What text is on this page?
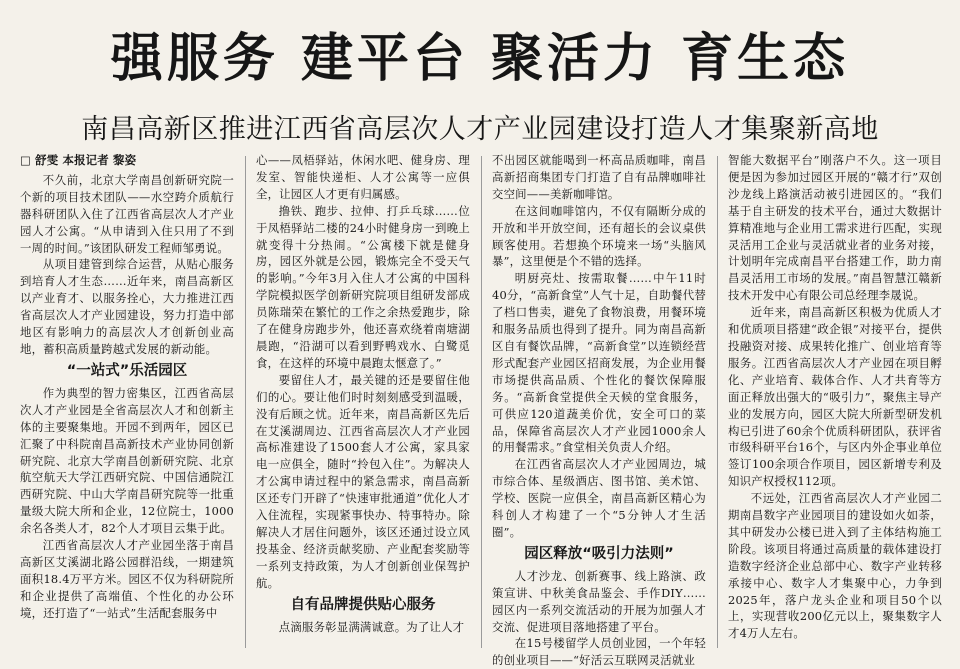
强服务 建平台 聚活力 育生态
南昌高新区推进江西省高层次人才产业园建设打造人才集聚新高地
□ 舒雯 本报记者 黎姿

不久前，北京大学南昌创新研究院一个新的项目技术团队——水空跨介质航行器科研团队入住了江西省高层次人才产业园人才公寓。“从申请到入住只用了不到一周的时间。”该团队研发工程师邹勇说。

从项目建管到综合运营，从贴心服务到培育人才生态……近年来，南昌高新区以产业育才、以服务拴心，大力推进江西省高层次人才产业园建设，努力打造中部地区有影响力的高层次人才创新创业高地，蓄积高质量跨越式发展的新动能。

“一站式”乐活园区

作为典型的智力密集区，江西省高层次人才产业园是全省高层次人才和创新主体的主要聚集地。开园不到两年，园区已汇聚了中科院南昌高新技术产业协同创新研究院、北京大学南昌创新研究院、北京航空航天大学江西研究院、中国信通院江西研究院、中山大学南昌研究院等一批重量级大院大所和企业，12位院士，1000余名各类人才，82个人才项目云集于此。

江西省高层次人才产业园坐落于南昌高新区艾溪湖北路公园群沿线，一期建筑面积18.4万平方米。园区不仅为科研院所和企业提供了高端值、个性化的办公环境，还打造了“一站式”生活配套服务中

心——凤梧驿站，休闲水吧、健身房、理发室、智能快递柜、人才公寓等一应俱全，让园区人才更有归属感。

撸铁、跑步、拉伸、打乒乓球……位于凤梧驿站二楼的24小时健身房一到晚上就变得十分热闹。“公寓楼下就是健身房，园区外就是公园，锻炼完全不受天气的影响。”今年3月入住人才公寓的中国科学院模拟医学创新研究院项目组研发部成员陈瑞荣在繁忙的工作之余热爱跑步，除了在健身房跑步外，他还喜欢绕着南塘湖晨跑，“沿湖可以看到野鸭戏水、白鹭觅食，在这样的环境中晨跑太惬意了。”

要留住人才，最关键的还是要留住他们的心。要让他们时时刻刻感受到温暖，没有后顾之忧。近年来，南昌高新区先后在艾溪湖周边、江西省高层次人才产业园高标准建设了1500套人才公寓，家具家电一应俱全，随时“拎包入住”。为解决人才公寓申请过程中的紧急需求，南昌高新区还专门开辟了“快速审批通道”优化人才入住流程，实现紧事快办、特事特办。除解决人才居住问题外，该区还通过设立风投基金、经济贡献奖励、产业配套奖励等一系列支持政策，为人才创新创业保驾护航。

自有品牌提供贴心服务

点滴服务彰显满满诚意。为了让人才

不出园区就能喝到一杯高品质咖啡，南昌高新招商集团专门打造了自有品牌咖啡社交空间——美新咖啡馆。

在这间咖啡馆内，不仅有隔断分成的开放和半开放空间，还有超长的会议桌供顾客使用。若想换个环境来一场“头脑风暴”，这里便是个不错的选择。

明厨亮灶、按需取餐……中午11时40分，“高新食堂”人气十足，自助餐代替了档口售卖，避免了食物浪费，用餐环境和服务品质也得到了提升。同为南昌高新区自有餐饮品牌，“高新食堂”以连锁经营形式配套产业园区招商发展，为企业用餐市场提供高品质、个性化的餐饮保障服务。“高新食堂提供全天候的堂食服务，可供应120道蔬美价优，安全可口的菜品，保障省高层次人才产业园1000余人的用餐需求。”食堂相关负责人介绍。

在江西省高层次人才产业园周边，城市综合体、星级酒店、图书馆、美术馆、学校、医院一应俱全，南昌高新区精心为科创人才构建了一个“5分钟人才生活圈”。

园区释放“吸引力法则”

人才沙龙、创新赛事、线上路演、政策宣讲、中秋美食品鉴会、手作DIY……园区内一系列交流活动的开展为加强人才交流、促进项目落地搭建了平台。

在15号楼留学人员创业园，一个年轻的创业项目——“好活云互联网灵活就业

智能大数据平台”刚落户不久。这一项目便是因为参加过园区开展的“赣才行”双创沙龙线上路演活动被引进园区的。“我们基于自主研发的技术平台，通过大数据计算精准地与企业用工需求进行匹配，实现灵活用工企业与灵活就业者的业务对接，计划明年完成南昌平台搭建工作，助力南昌灵活用工市场的发展。”南昌智慧江赣新技术开发中心有限公司总经理李晟说。

近年来，南昌高新区积极为优质人才和优质项目搭建“政企银”对接平台，提供投融资对接、成果转化推广、创业培育等服务。江西省高层次人才产业园在项目孵化、产业培育、载体合作、人才共育等方面正释放出强大的“吸引力”，聚焦主导产业的发展方向，园区大院大所新型研发机构已引进了60余个优质科研团队，获评省市级科研平台16个，与区内外企事业单位签订100余项合作项目，园区新增专利及知识产权授权112项。

不远处，江西省高层次人才产业园二期南昌数字产业园项目的建设如火如荼，其中研发办公楼已进入到了主体结构施工阶段。该项目将通过高质量的载体建设打造数字经济企业总部中心、数字产业转移承接中心、数字人才集聚中心，力争到2025年，落户龙头企业和项目50个以上，实现营收200亿元以上，聚集数字人才4万人左右。
